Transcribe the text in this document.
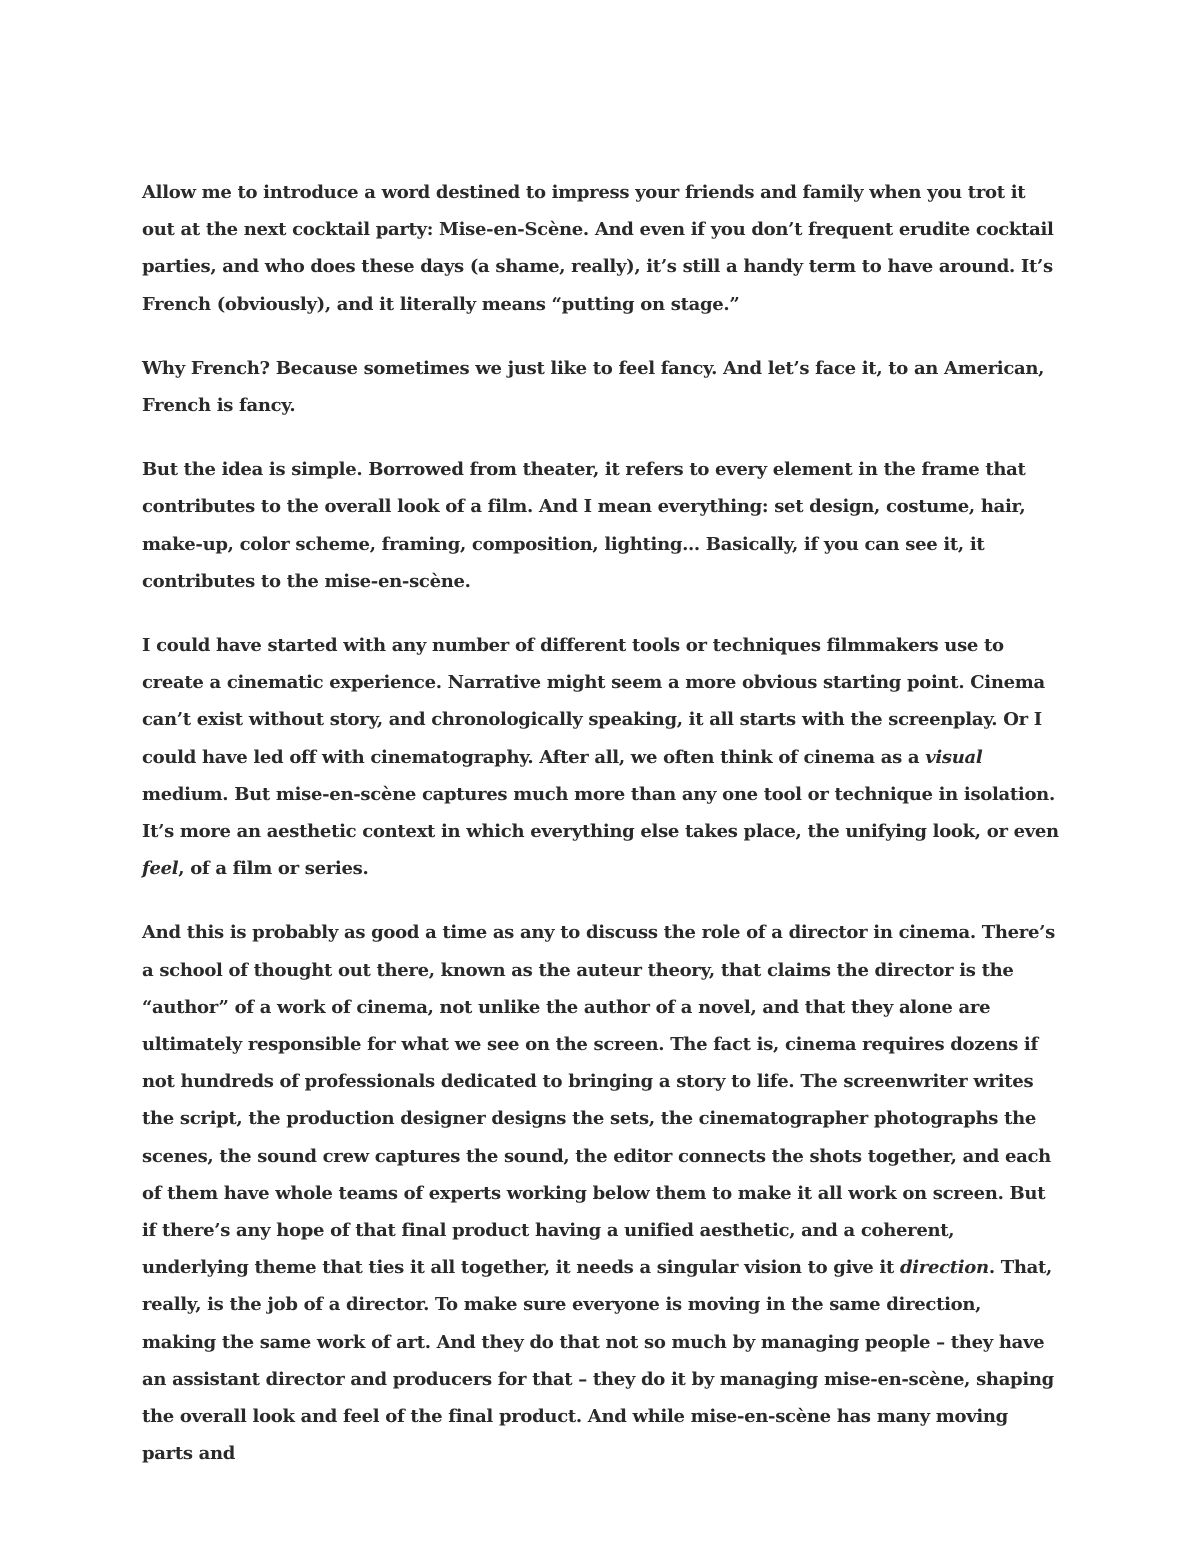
Allow me to introduce a word destined to impress your friends and family when you trot it out at the next cocktail party: Mise-en-Scène. And even if you don’t frequent erudite cocktail parties, and who does these days (a shame, really), it’s still a handy term to have around. It’s French (obviously), and it literally means “putting on stage.”

Why French? Because sometimes we just like to feel fancy. And let’s face it, to an American, French is fancy.

But the idea is simple. Borrowed from theater, it refers to every element in the frame that contributes to the overall look of a film. And I mean everything: set design, costume, hair, make-up, color scheme, framing, composition, lighting… Basically, if you can see it, it contributes to the mise-en-scène.

I could have started with any number of different tools or techniques filmmakers use to create a cinematic experience. Narrative might seem a more obvious starting point. Cinema can’t exist without story, and chronologically speaking, it all starts with the screenplay. Or I could have led off with cinematography. After all, we often think of cinema as a visual medium. But mise-en-scène captures much more than any one tool or technique in isolation. It’s more an aesthetic context in which everything else takes place, the unifying look, or even feel, of a film or series.

And this is probably as good a time as any to discuss the role of a director in cinema. There’s a school of thought out there, known as the auteur theory, that claims the director is the “author” of a work of cinema, not unlike the author of a novel, and that they alone are ultimately responsible for what we see on the screen. The fact is, cinema requires dozens if not hundreds of professionals dedicated to bringing a story to life. The screenwriter writes the script, the production designer designs the sets, the cinematographer photographs the scenes, the sound crew captures the sound, the editor connects the shots together, and each of them have whole teams of experts working below them to make it all work on screen. But if there’s any hope of that final product having a unified aesthetic, and a coherent, underlying theme that ties it all together, it needs a singular vision to give it direction. That, really, is the job of a director. To make sure everyone is moving in the same direction, making the same work of art. And they do that not so much by managing people – they have an assistant director and producers for that – they do it by managing mise-en-scène, shaping the overall look and feel of the final product. And while mise-en-scène has many moving parts and
